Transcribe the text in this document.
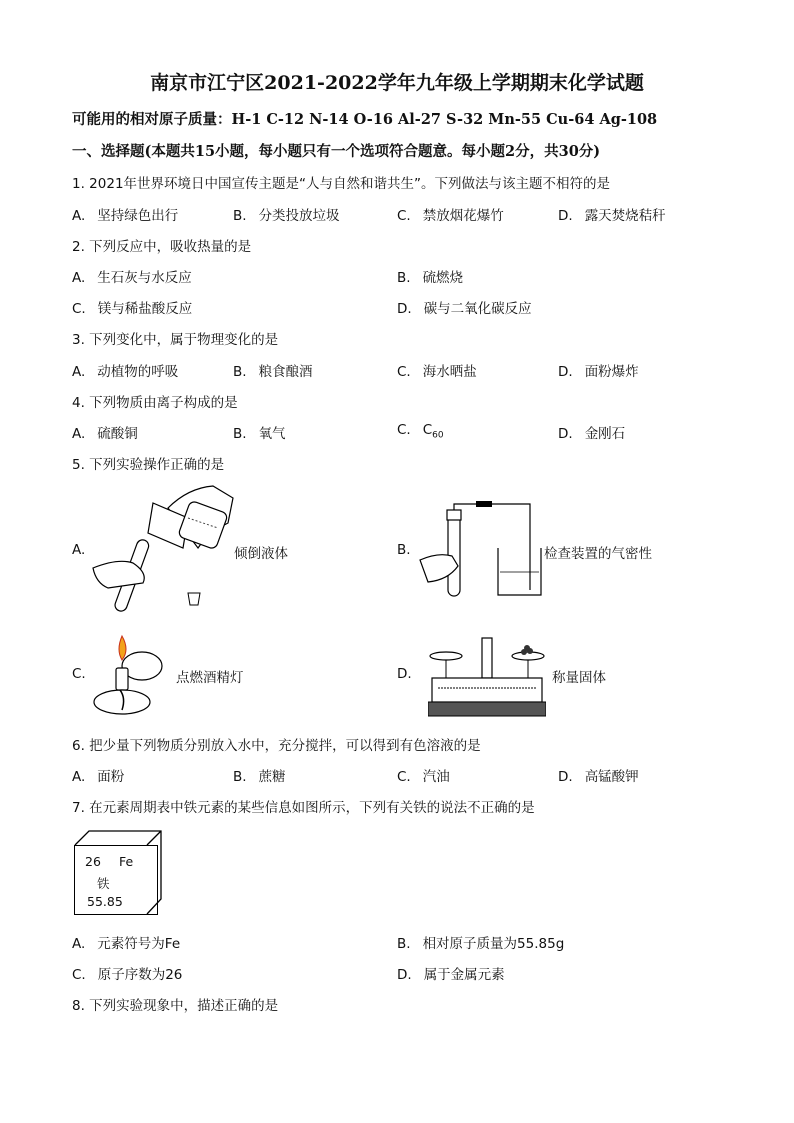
南京市江宁区2021-2022学年九年级上学期期末化学试题
可能用的相对原子质量：H-1 C-12 N-14 O-16 Al-27 S-32 Mn-55 Cu-64 Ag-108
一、选择题(本题共15小题，每小题只有一个选项符合题意。每小题2分，共30分)
1. 2021年世界环境日中国宣传主题是“人与自然和谐共生”。下列做法与该主题不相符的是
A. 坚持绿色出行	B. 分类投放垃圾	C. 禁放烟花爆竹	D. 露天焚烧秸秆
2. 下列反应中，吸收热量的是
A. 生石灰与水反应	B. 硫燃烧
C. 镁与稀盐酸反应	D. 碳与二氧化碳反应
3. 下列变化中，属于物理变化的是
A. 动植物的呼吸	B. 粮食酿酒	C. 海水晒盐	D. 面粉爆炸
4. 下列物质由离子构成的是
A. 硫酸铜	B. 氧气	C. $C_{60}$	D. 金刚石
5. 下列实验操作正确的是
A.	倾倒液体	B.	检查装置的气密性
C.	点燃酒精灯	D.	称量固体
6. 把少量下列物质分别放入水中，充分搅拌，可以得到有色溶液的是
A. 面粉	B. 蔗糖	C. 汽油	D. 高锰酸钾
7. 在元素周期表中铁元素的某些信息如图所示，下列有关铁的说法不正确的是
26 Fe
铁
55.85
A. 元素符号为Fe	B. 相对原子质量为55.85g
C. 原子序数为26	D. 属于金属元素
8. 下列实验现象中，描述正确的是
